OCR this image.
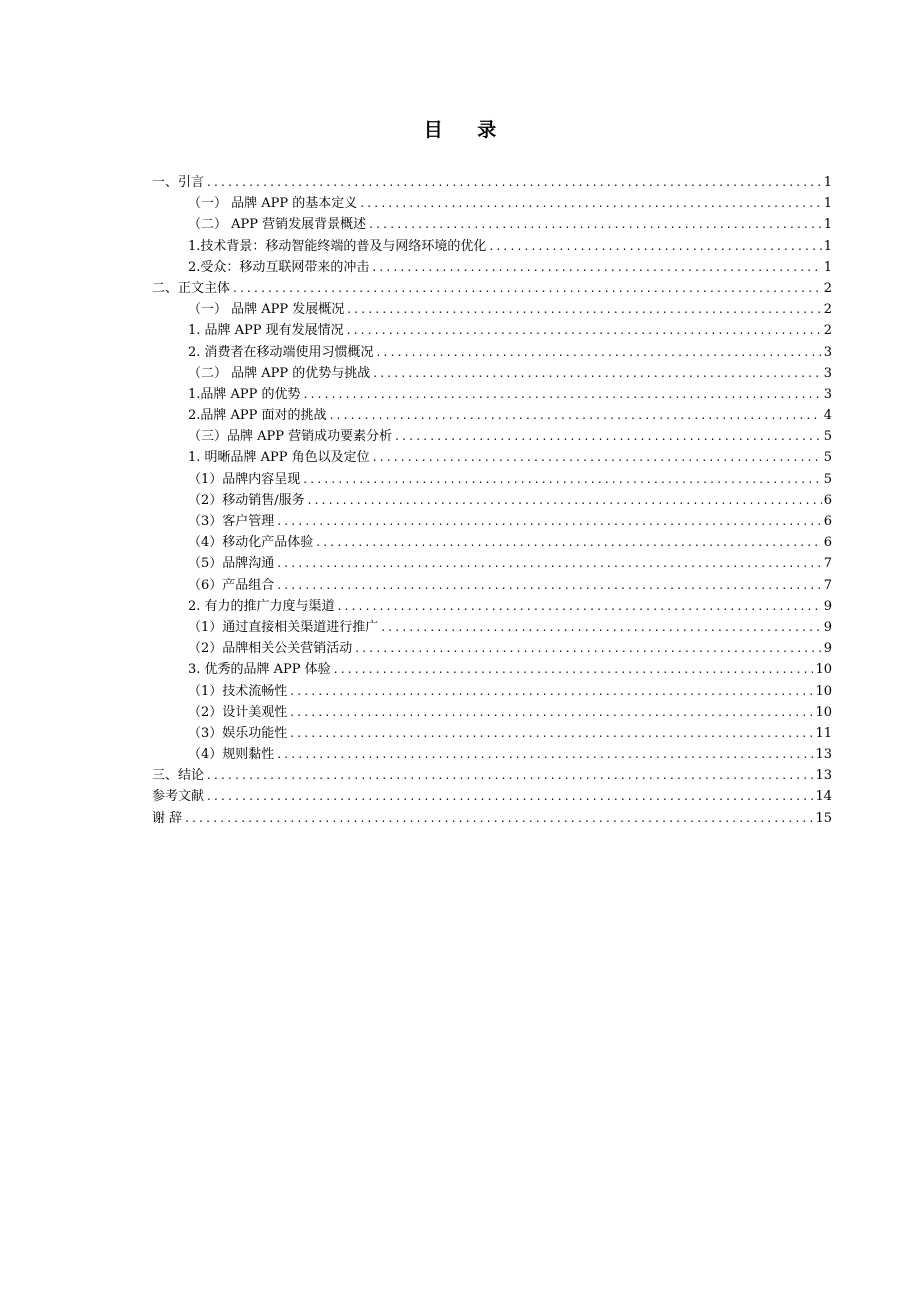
目 录
一、引言 .....	1
（一） 品牌 APP 的基本定义 .....	1
（二） APP 营销发展背景概述 .....	1
1.技术背景：移动智能终端的普及与网络环境的优化 .....	1
2.受众：移动互联网带来的冲击 .....	1
二、正文主体 .....	2
（一） 品牌 APP 发展概况 .....	2
1. 品牌 APP 现有发展情况 .....	2
2. 消费者在移动端使用习惯概况 .....	3
（二） 品牌 APP 的优势与挑战 .....	3
1.品牌 APP 的优势 .....	3
2.品牌 APP 面对的挑战 .....	4
（三）品牌 APP 营销成功要素分析 .....	5
1. 明晰品牌 APP 角色以及定位 .....	5
（1）品牌内容呈现 .....	5
（2）移动销售/服务 .....	6
（3）客户管理 .....	6
（4）移动化产品体验 .....	6
（5）品牌沟通 .....	7
（6）产品组合 .....	7
2. 有力的推广力度与渠道 .....	9
（1）通过直接相关渠道进行推广 .....	9
（2）品牌相关公关营销活动 .....	9
3. 优秀的品牌 APP 体验 .....	10
（1）技术流畅性 .....	10
（2）设计美观性 .....	10
（3）娱乐功能性 .....	11
（4）规则黏性 .....	13
三、结论 .....	13
参考文献 .....	14
谢 辞 .....	15
